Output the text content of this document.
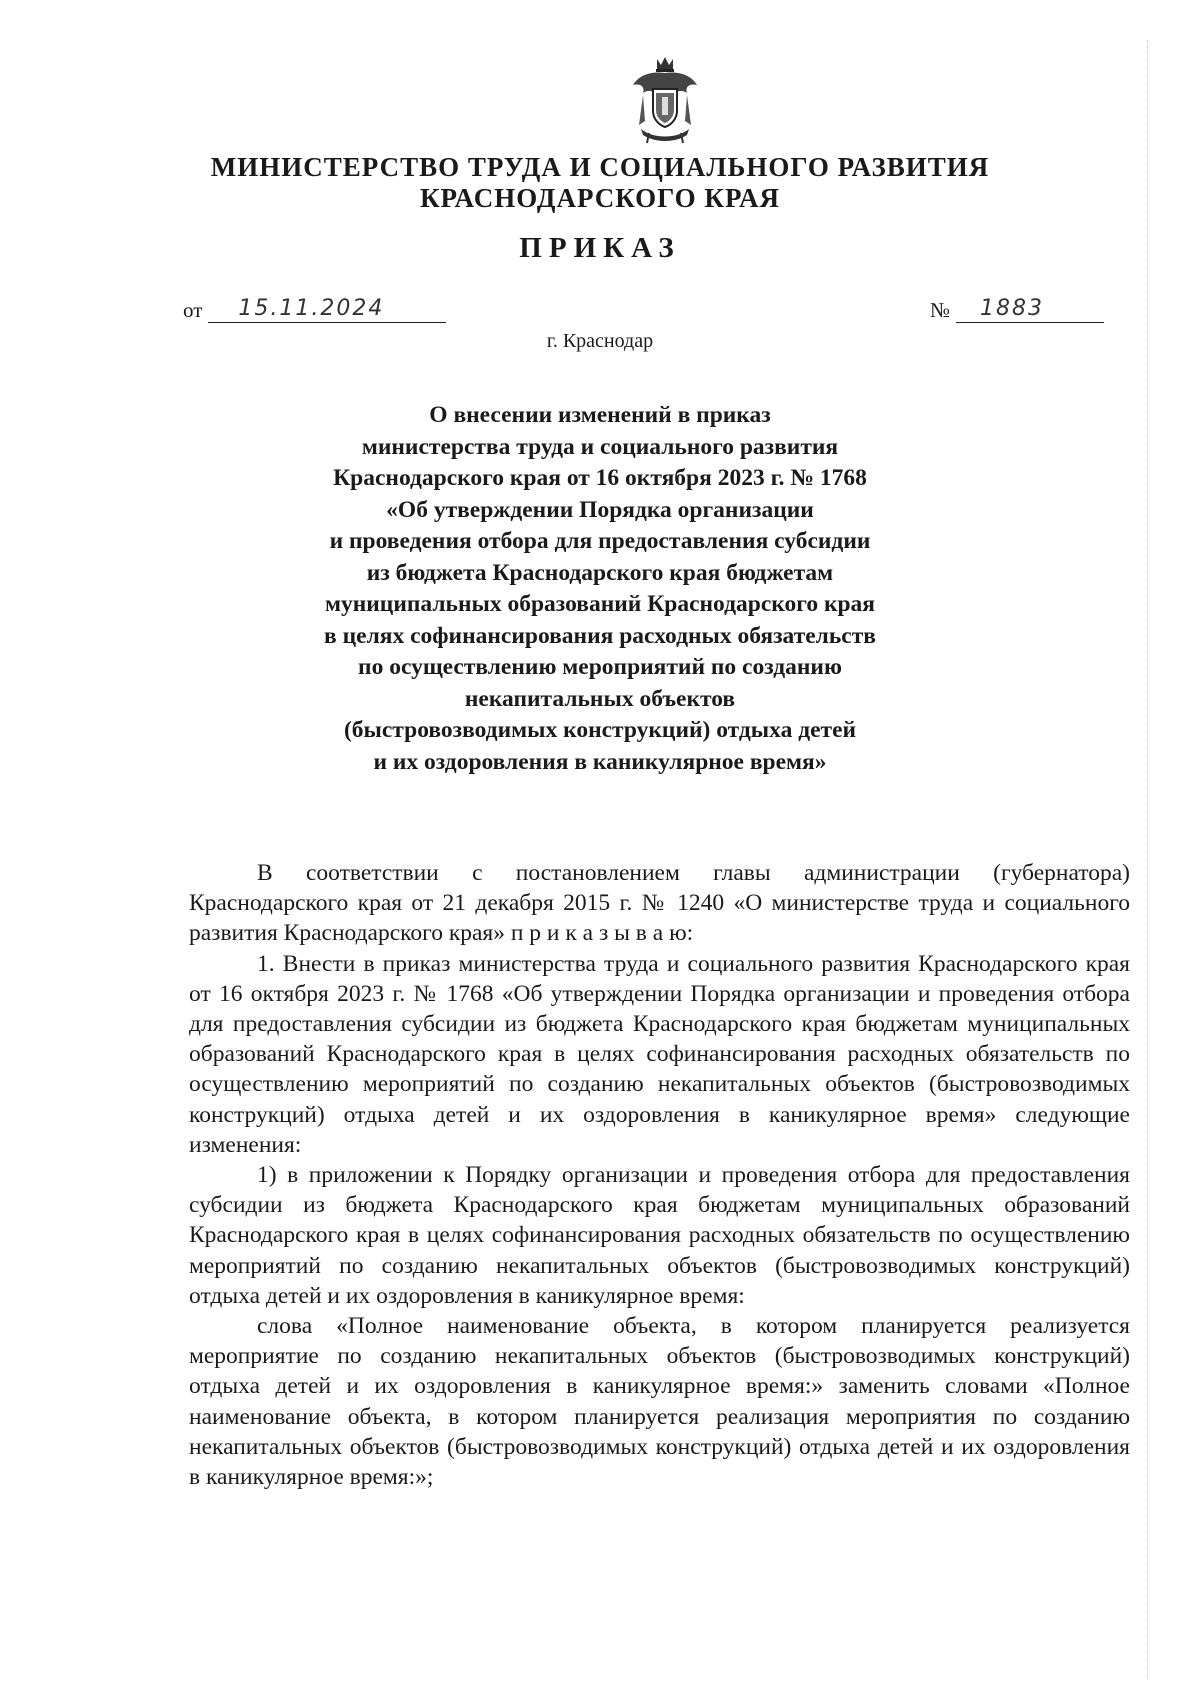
МИНИСТЕРСТВО ТРУДА И СОЦИАЛЬНОГО РАЗВИТИЯ
КРАСНОДАРСКОГО КРАЯ
ПРИКАЗ
от	15.11.2024	№	1883
г. Краснодар
О внесении изменений в приказ
министерства труда и социального развития
Краснодарского края от 16 октября 2023 г. № 1768
«Об утверждении Порядка организации
и проведения отбора для предоставления субсидии
из бюджета Краснодарского края бюджетам
муниципальных образований Краснодарского края
в целях софинансирования расходных обязательств
по осуществлению мероприятий по созданию
некапитальных объектов
(быстровозводимых конструкций) отдыха детей
и их оздоровления в каникулярное время»

В соответствии с постановлением главы администрации (губернатора) Краснодарского края от 21 декабря 2015 г. № 1240 «О министерстве труда и социального развития Краснодарского края» п р и к а з ы в а ю:

1. Внести в приказ министерства труда и социального развития Краснодарского края от 16 октября 2023 г. № 1768 «Об утверждении Порядка организации и проведения отбора для предоставления субсидии из бюджета Краснодарского края бюджетам муниципальных образований Краснодарского края в целях софинансирования расходных обязательств по осуществлению мероприятий по созданию некапитальных объектов (быстровозводимых конструкций) отдыха детей и их оздоровления в каникулярное время» следующие изменения:

1) в приложении к Порядку организации и проведения отбора для предоставления субсидии из бюджета Краснодарского края бюджетам муниципальных образований Краснодарского края в целях софинансирования расходных обязательств по осуществлению мероприятий по созданию некапитальных объектов (быстровозводимых конструкций) отдыха детей и их оздоровления в каникулярное время:

слова «Полное наименование объекта, в котором планируется реализуется мероприятие по созданию некапитальных объектов (быстровозводимых конструкций) отдыха детей и их оздоровления в каникулярное время:» заменить словами «Полное наименование объекта, в котором планируется реализация мероприятия по созданию некапитальных объектов (быстровозводимых конструкций) отдыха детей и их оздоровления в каникулярное время:»;
